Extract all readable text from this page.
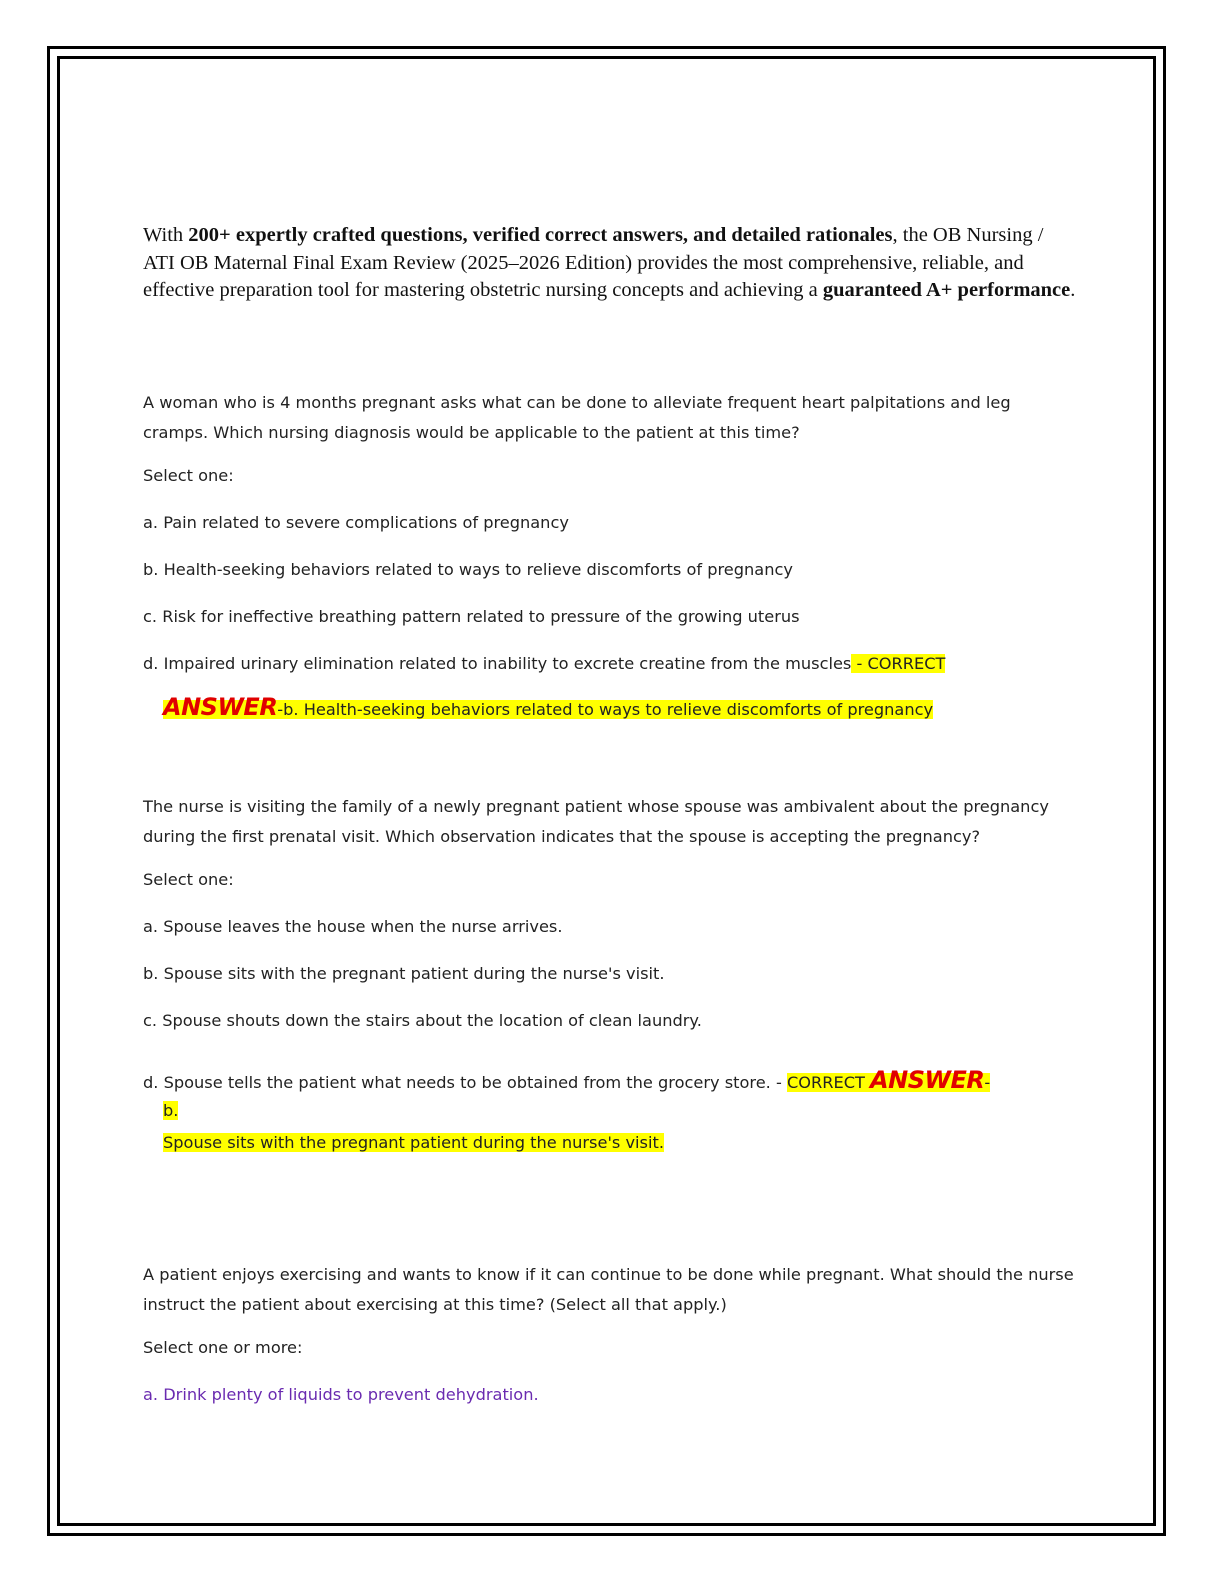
With 200+ expertly crafted questions, verified correct answers, and detailed rationales, the OB Nursing / ATI OB Maternal Final Exam Review (2025–2026 Edition) provides the most comprehensive, reliable, and effective preparation tool for mastering obstetric nursing concepts and achieving a guaranteed A+ performance.

A woman who is 4 months pregnant asks what can be done to alleviate frequent heart palpitations and leg cramps. Which nursing diagnosis would be applicable to the patient at this time?

Select one:

a. Pain related to severe complications of pregnancy

b. Health-seeking behaviors related to ways to relieve discomforts of pregnancy

c. Risk for ineffective breathing pattern related to pressure of the growing uterus

d. Impaired urinary elimination related to inability to excrete creatine from the muscles - CORRECT

ANSWER-b. Health-seeking behaviors related to ways to relieve discomforts of pregnancy

The nurse is visiting the family of a newly pregnant patient whose spouse was ambivalent about the pregnancy during the first prenatal visit. Which observation indicates that the spouse is accepting the pregnancy?

Select one:

a. Spouse leaves the house when the nurse arrives.

b. Spouse sits with the pregnant patient during the nurse's visit.

c. Spouse shouts down the stairs about the location of clean laundry.

d. Spouse tells the patient what needs to be obtained from the grocery store. - CORRECT ANSWER-

b.

Spouse sits with the pregnant patient during the nurse's visit.

A patient enjoys exercising and wants to know if it can continue to be done while pregnant. What should the nurse instruct the patient about exercising at this time? (Select all that apply.)

Select one or more:

a. Drink plenty of liquids to prevent dehydration.
